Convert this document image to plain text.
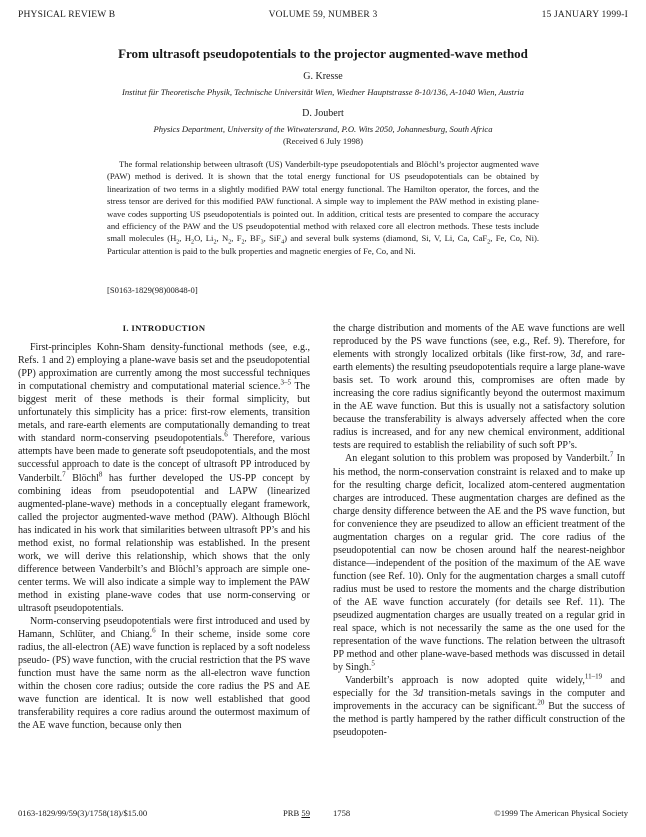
PHYSICAL REVIEW B	VOLUME 59, NUMBER 3	15 JANUARY 1999-I
From ultrasoft pseudopotentials to the projector augmented-wave method
G. Kresse
Institut für Theoretische Physik, Technische Universität Wien, Wiedner Hauptstrasse 8-10/136, A-1040 Wien, Austria
D. Joubert
Physics Department, University of the Witwatersrand, P.O. Wits 2050, Johannesburg, South Africa
(Received 6 July 1998)

The formal relationship between ultrasoft (US) Vanderbilt-type pseudopotentials and Blöchl’s projector augmented wave (PAW) method is derived. It is shown that the total energy functional for US pseudopotentials can be obtained by linearization of two terms in a slightly modified PAW total energy functional. The Hamilton operator, the forces, and the stress tensor are derived for this modified PAW functional. A simple way to implement the PAW method in existing plane-wave codes supporting US pseudopotentials is pointed out. In addition, critical tests are presented to compare the accuracy and efficiency of the PAW and the US pseudopotential method with relaxed core all electron methods. These tests include small molecules ($H_2$, $H_2O$, $Li_2$, $N_2$, $F_2$, $BF_3$, SiF$_4$) and several bulk systems (diamond, Si, V, Li, Ca, CaF$_2$, Fe, Co, Ni). Particular attention is paid to the bulk properties and magnetic energies of Fe, Co, and Ni.

[S0163-1829(98)00848-0]
I. INTRODUCTION

First-principles Kohn-Sham density-functional methods (see, e.g., Refs. 1 and 2) employing a plane-wave basis set and the pseudopotential (PP) approximation are currently among the most successful techniques in computational chemistry and computational material science.$^{3-5}$ The biggest merit of these methods is their formal simplicity, but unfortunately this simplicity has a price: first-row elements, transition metals, and rare-earth elements are computationally demanding to treat with standard norm-conserving pseudopotentials.$^6$ Therefore, various attempts have been made to generate soft pseudopotentials, and the most successful approach to date is the concept of ultrasoft PP introduced by Vanderbilt.$^7$ Blöchl$^8$ has further developed the US-PP concept by combining ideas from pseudopotential and LAPW (linearized augmented-plane-wave) methods in a conceptually elegant framework, called the projector augmented-wave method (PAW). Although Blöchl has indicated in his work that similarities between ultrasoft PP’s and his method exist, no formal relationship was established. In the present work, we will derive this relationship, which shows that the only difference between Vanderbilt’s and Blöchl’s approach are simple one-center terms. We will also indicate a simple way to implement the PAW method in existing plane-wave codes that use norm-conserving or ultrasoft pseudopotentials.

Norm-conserving pseudopotentials were first introduced and used by Hamann, Schlüter, and Chiang.$^6$ In their scheme, inside some core radius, the all-electron (AE) wave function is replaced by a soft nodeless pseudo- (PS) wave function, with the crucial restriction that the PS wave function must have the same norm as the all-electron wave function within the chosen core radius; outside the core radius the PS and AE wave function are identical. It is now well established that good transferability requires a core radius around the outermost maximum of the AE wave function, because only then

the charge distribution and moments of the AE wave functions are well reproduced by the PS wave functions (see, e.g., Ref. 9). Therefore, for elements with strongly localized orbitals (like first-row, 3d, and rare-earth elements) the resulting pseudopotentials require a large plane-wave basis set. To work around this, compromises are often made by increasing the core radius significantly beyond the outermost maximum in the AE wave function. But this is usually not a satisfactory solution because the transferability is always adversely affected when the core radius is increased, and for any new chemical environment, additional tests are required to establish the reliability of such soft PP’s.

An elegant solution to this problem was proposed by Vanderbilt.$^7$ In his method, the norm-conservation constraint is relaxed and to make up for the resulting charge deficit, localized atom-centered augmentation charges are introduced. These augmentation charges are defined as the charge density difference between the AE and the PS wave function, but for convenience they are pseudized to allow an efficient treatment of the augmentation charges on a regular grid. The core radius of the pseudopotential can now be chosen around half the nearest-neighbor distance—independent of the position of the maximum of the AE wave function (see Ref. 10). Only for the augmentation charges a small cutoff radius must be used to restore the moments and the charge distribution of the AE wave function accurately (for details see Ref. 11). The pseudized augmentation charges are usually treated on a regular grid in real space, which is not necessarily the same as the one used for the representation of the wave functions. The relation between the ultrasoft PP method and other plane-wave-based methods was discussed in detail by Singh.$^5$

Vanderbilt’s approach is now adopted quite widely,$^{11-19}$ and especially for the 3d transition-metals savings in the computer and improvements in the accuracy can be significant.$^{20}$ But the success of the method is partly hampered by the rather difficult construction of the pseudopoten-

0163-1829/99/59(3)/1758(18)/$15.00	PRB 59	1758	©1999 The American Physical Society
